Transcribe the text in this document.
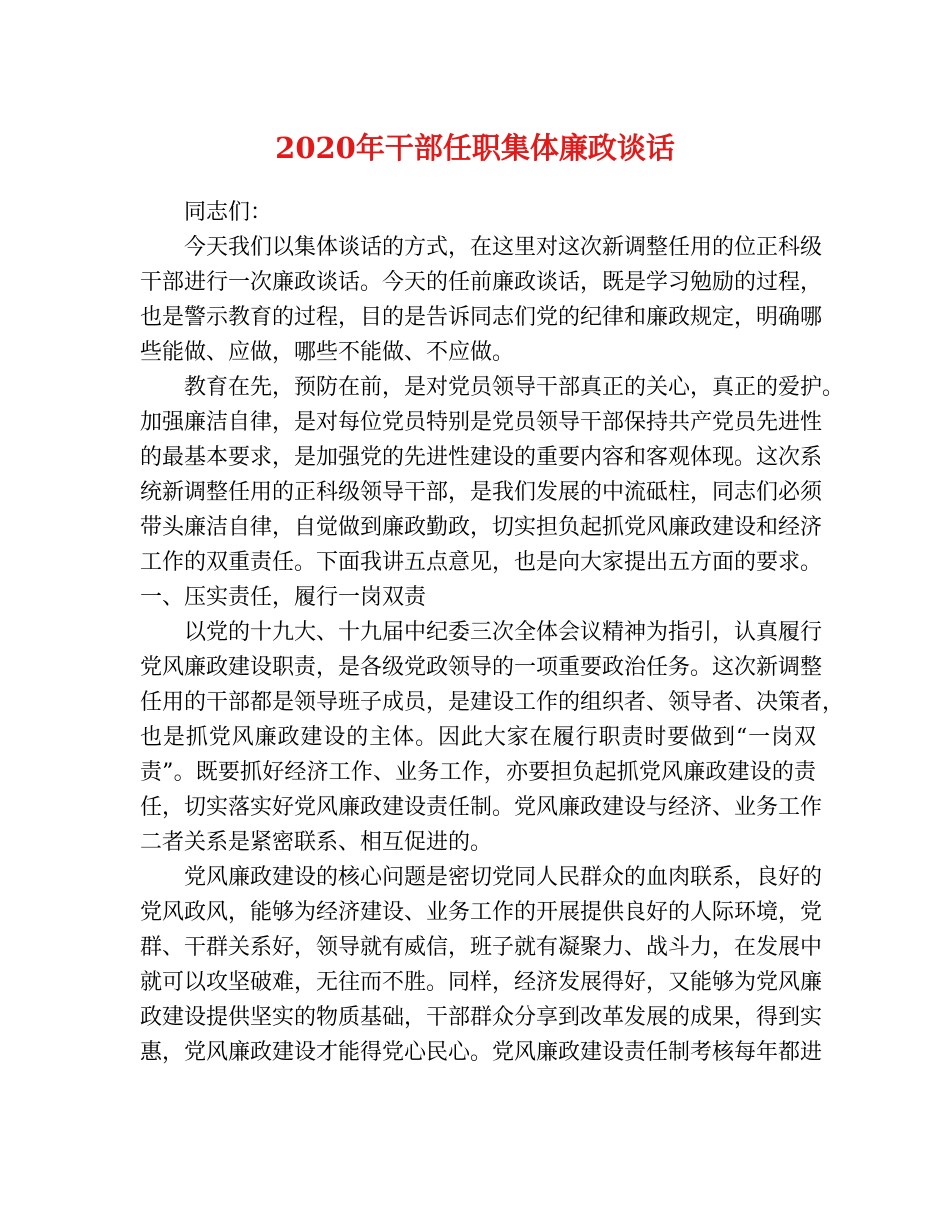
2020年干部任职集体廉政谈话
同志们：
今天我们以集体谈话的方式，在这里对这次新调整任用的位正科级
干部进行一次廉政谈话。今天的任前廉政谈话，既是学习勉励的过程，
也是警示教育的过程，目的是告诉同志们党的纪律和廉政规定，明确哪
些能做、应做，哪些不能做、不应做。
教育在先，预防在前，是对党员领导干部真正的关心，真正的爱护。
加强廉洁自律，是对每位党员特别是党员领导干部保持共产党员先进性
的最基本要求，是加强党的先进性建设的重要内容和客观体现。这次系
统新调整任用的正科级领导干部，是我们发展的中流砥柱，同志们必须
带头廉洁自律，自觉做到廉政勤政，切实担负起抓党风廉政建设和经济
工作的双重责任。下面我讲五点意见，也是向大家提出五方面的要求。
一、压实责任，履行一岗双责
以党的十九大、十九届中纪委三次全体会议精神为指引，认真履行
党风廉政建设职责，是各级党政领导的一项重要政治任务。这次新调整
任用的干部都是领导班子成员，是建设工作的组织者、领导者、决策者，
也是抓党风廉政建设的主体。因此大家在履行职责时要做到“一岗双
责”。既要抓好经济工作、业务工作，亦要担负起抓党风廉政建设的责
任，切实落实好党风廉政建设责任制。党风廉政建设与经济、业务工作
二者关系是紧密联系、相互促进的。
党风廉政建设的核心问题是密切党同人民群众的血肉联系，良好的
党风政风，能够为经济建设、业务工作的开展提供良好的人际环境，党
群、干群关系好，领导就有威信，班子就有凝聚力、战斗力，在发展中
就可以攻坚破难，无往而不胜。同样，经济发展得好，又能够为党风廉
政建设提供坚实的物质基础，干部群众分享到改革发展的成果，得到实
惠，党风廉政建设才能得党心民心。党风廉政建设责任制考核每年都进
